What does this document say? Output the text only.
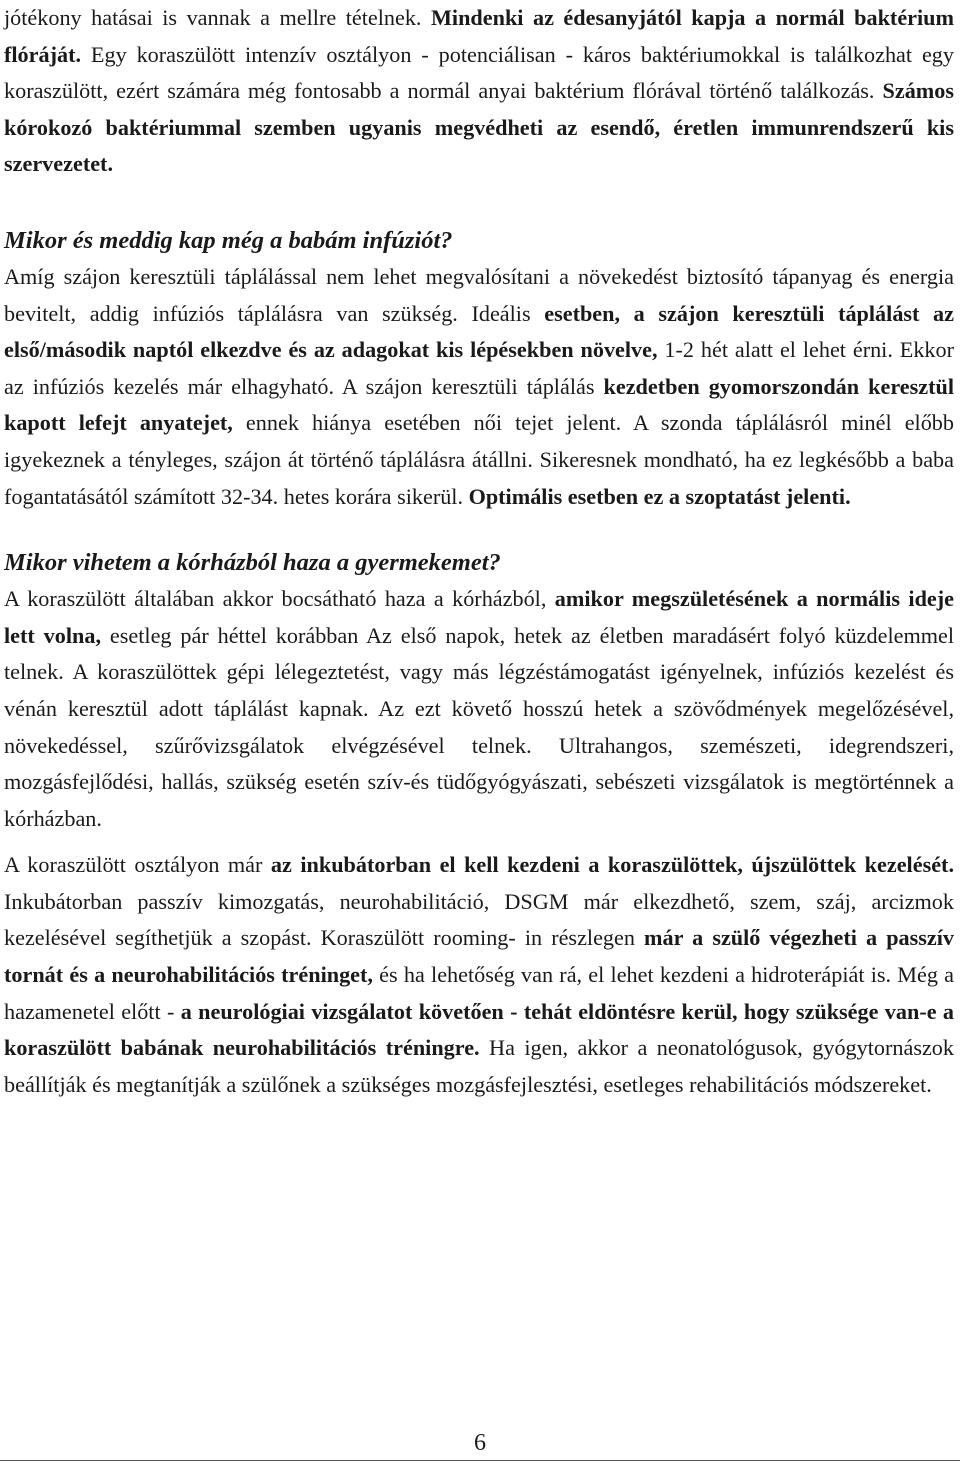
jótékony hatásai is vannak a mellre tételnek. Mindenki az édesanyjától kapja a normál baktérium flóráját. Egy koraszülött intenzív osztályon - potenciálisan - káros baktériumokkal is találkozhat egy koraszülött, ezért számára még fontosabb a normál anyai baktérium flórával történő találkozás. Számos kórokozó baktériummal szemben ugyanis megvédheti az esendő, éretlen immunrendszerű kis szervezetet.

Mikor és meddig kap még a babám infúziót?

Amíg szájon keresztüli táplálással nem lehet megvalósítani a növekedést biztosító tápanyag és energia bevitelt, addig infúziós táplálásra van szükség. Ideális esetben, a szájon keresztüli táplálást az első/második naptól elkezdve és az adagokat kis lépésekben növelve, 1-2 hét alatt el lehet érni. Ekkor az infúziós kezelés már elhagyható. A szájon keresztüli táplálás kezdetben gyomorszondán keresztül kapott lefejt anyatejet, ennek hiánya esetében női tejet jelent. A szonda táplálásról minél előbb igyekeznek a tényleges, szájon át történő táplálásra átállni. Sikeresnek mondható, ha ez legkésőbb a baba fogantatásától számított 32-34. hetes korára sikerül. Optimális esetben ez a szoptatást jelenti.

Mikor vihetem a kórházból haza a gyermekemet?

A koraszülött általában akkor bocsátható haza a kórházból, amikor megszületésének a normális ideje lett volna, esetleg pár héttel korábban Az első napok, hetek az életben maradásért folyó küzdelemmel telnek. A koraszülöttek gépi lélegeztetést, vagy más légzéstámogatást igényelnek, infúziós kezelést és vénán keresztül adott táplálást kapnak. Az ezt követő hosszú hetek a szövődmények megelőzésével, növekedéssel, szűrővizsgálatok elvégzésével telnek. Ultrahangos, szemészeti, idegrendszeri, mozgásfejlődési, hallás, szükség esetén szív-és tüdőgyógyászati, sebészeti vizsgálatok is megtörténnek a kórházban.

A koraszülött osztályon már az inkubátorban el kell kezdeni a koraszülöttek, újszülöttek kezelését. Inkubátorban passzív kimozgatás, neurohabilitáció, DSGM már elkezdhető, szem, száj, arcizmok kezelésével segíthetjük a szopást. Koraszülött rooming- in részlegen már a szülő végezheti a passzív tornát és a neurohabilitációs tréninget, és ha lehetőség van rá, el lehet kezdeni a hidroterápiát is. Még a hazamenetel előtt - a neurológiai vizsgálatot követően - tehát eldöntésre kerül, hogy szüksége van-e a koraszülött babának neurohabilitációs tréningre. Ha igen, akkor a neonatológusok, gyógytornászok beállítják és megtanítják a szülőnek a szükséges mozgásfejlesztési, esetleges rehabilitációs módszereket.

6
